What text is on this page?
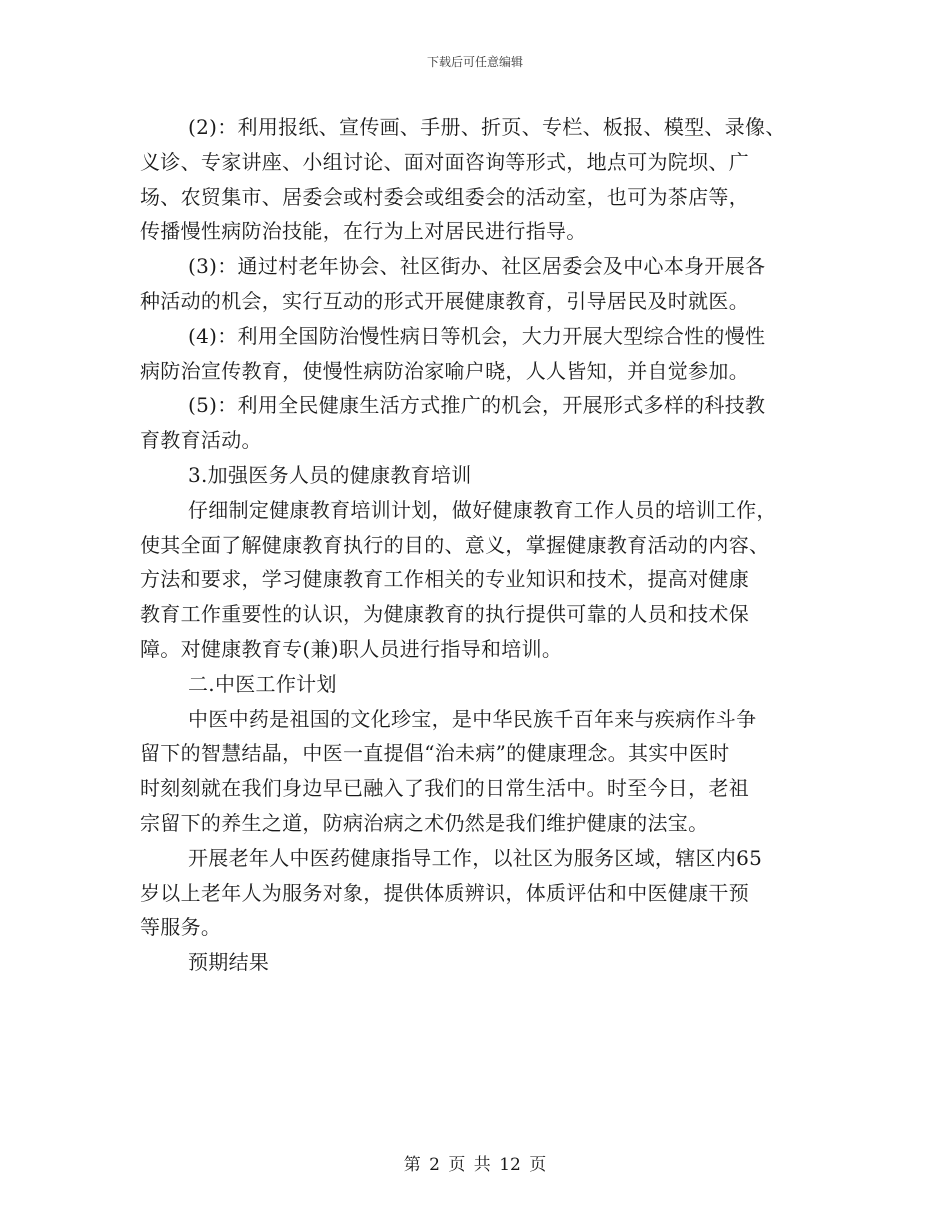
下载后可任意编辑
(2)：利用报纸、宣传画、手册、折页、专栏、板报、模型、录像、
义诊、专家讲座、小组讨论、面对面咨询等形式，地点可为院坝、广
场、农贸集市、居委会或村委会或组委会的活动室，也可为茶店等，
传播慢性病防治技能，在行为上对居民进行指导。
(3)：通过村老年协会、社区街办、社区居委会及中心本身开展各
种活动的机会，实行互动的形式开展健康教育，引导居民及时就医。
(4)：利用全国防治慢性病日等机会，大力开展大型综合性的慢性
病防治宣传教育，使慢性病防治家喻户晓，人人皆知，并自觉参加。
(5)：利用全民健康生活方式推广的机会，开展形式多样的科技教
育教育活动。
3.加强医务人员的健康教育培训
仔细制定健康教育培训计划，做好健康教育工作人员的培训工作，
使其全面了解健康教育执行的目的、意义，掌握健康教育活动的内容、
方法和要求，学习健康教育工作相关的专业知识和技术，提高对健康
教育工作重要性的认识，为健康教育的执行提供可靠的人员和技术保
障。对健康教育专(兼)职人员进行指导和培训。
二.中医工作计划
中医中药是祖国的文化珍宝，是中华民族千百年来与疾病作斗争
留下的智慧结晶，中医一直提倡“治未病”的健康理念。其实中医时
时刻刻就在我们身边早已融入了我们的日常生活中。时至今日，老祖
宗留下的养生之道，防病治病之术仍然是我们维护健康的法宝。
开展老年人中医药健康指导工作，以社区为服务区域，辖区内65
岁以上老年人为服务对象，提供体质辨识，体质评估和中医健康干预
等服务。
预期结果
第 2 页 共 12 页
